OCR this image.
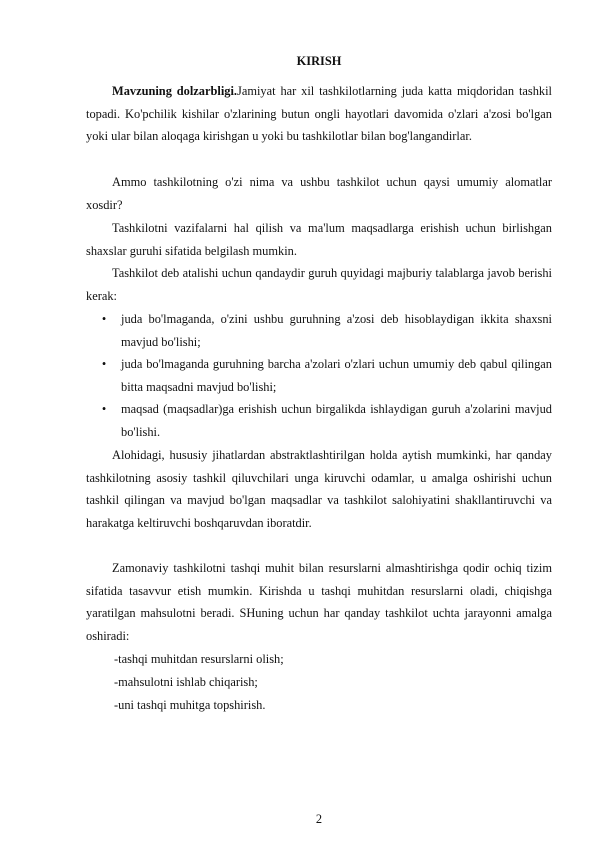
KIRISH

Mavzuning dolzarbligi.Jamiyat har xil tashkilotlarning juda katta miqdoridan tashkil topadi. Ko'pchilik kishilar o'zlarining butun ongli hayotlari davomida o'zlari a'zosi bo'lgan yoki ular bilan aloqaga kirishgan u yoki bu tashkilotlar bilan bog'langandirlar.

Ammo tashkilotning o'zi nima va ushbu tashkilot uchun qaysi umumiy alomatlar xosdir?

Tashkilotni vazifalarni hal qilish va ma'lum maqsadlarga erishish uchun birlishgan shaxslar guruhi sifatida belgilash mumkin.

Tashkilot deb atalishi uchun qandaydir guruh quyidagi majburiy talablarga javob berishi kerak:

• juda bo'lmaganda, o'zini ushbu guruhning a'zosi deb hisoblaydigan ikkita shaxsni mavjud bo'lishi;

• juda bo'lmaganda guruhning barcha a'zolari o'zlari uchun umumiy deb qabul qilingan bitta maqsadni mavjud bo'lishi;

• maqsad (maqsadlar)ga erishish uchun birgalikda ishlaydigan guruh a'zolarini mavjud bo'lishi.

Alohidagi, hususiy jihatlardan abstraktlashtirilgan holda aytish mumkinki, har qanday tashkilotning asosiy tashkil qiluvchilari unga kiruvchi odamlar, u amalga oshirishi uchun tashkil qilingan va mavjud bo'lgan maqsadlar va tashkilot salohiyatini shakllantiruvchi va harakatga keltiruvchi boshqaruvdan iboratdir.

Zamonaviy tashkilotni tashqi muhit bilan resurslarni almashtirishga qodir ochiq tizim sifatida tasavvur etish mumkin. Kirishda u tashqi muhitdan resurslarni oladi, chiqishga yaratilgan mahsulotni beradi. SHuning uchun har qanday tashkilot uchta jarayonni amalga oshiradi:

-tashqi muhitdan resurslarni olish;
-mahsulotni ishlab chiqarish;
-uni tashqi muhitga topshirish.
2
